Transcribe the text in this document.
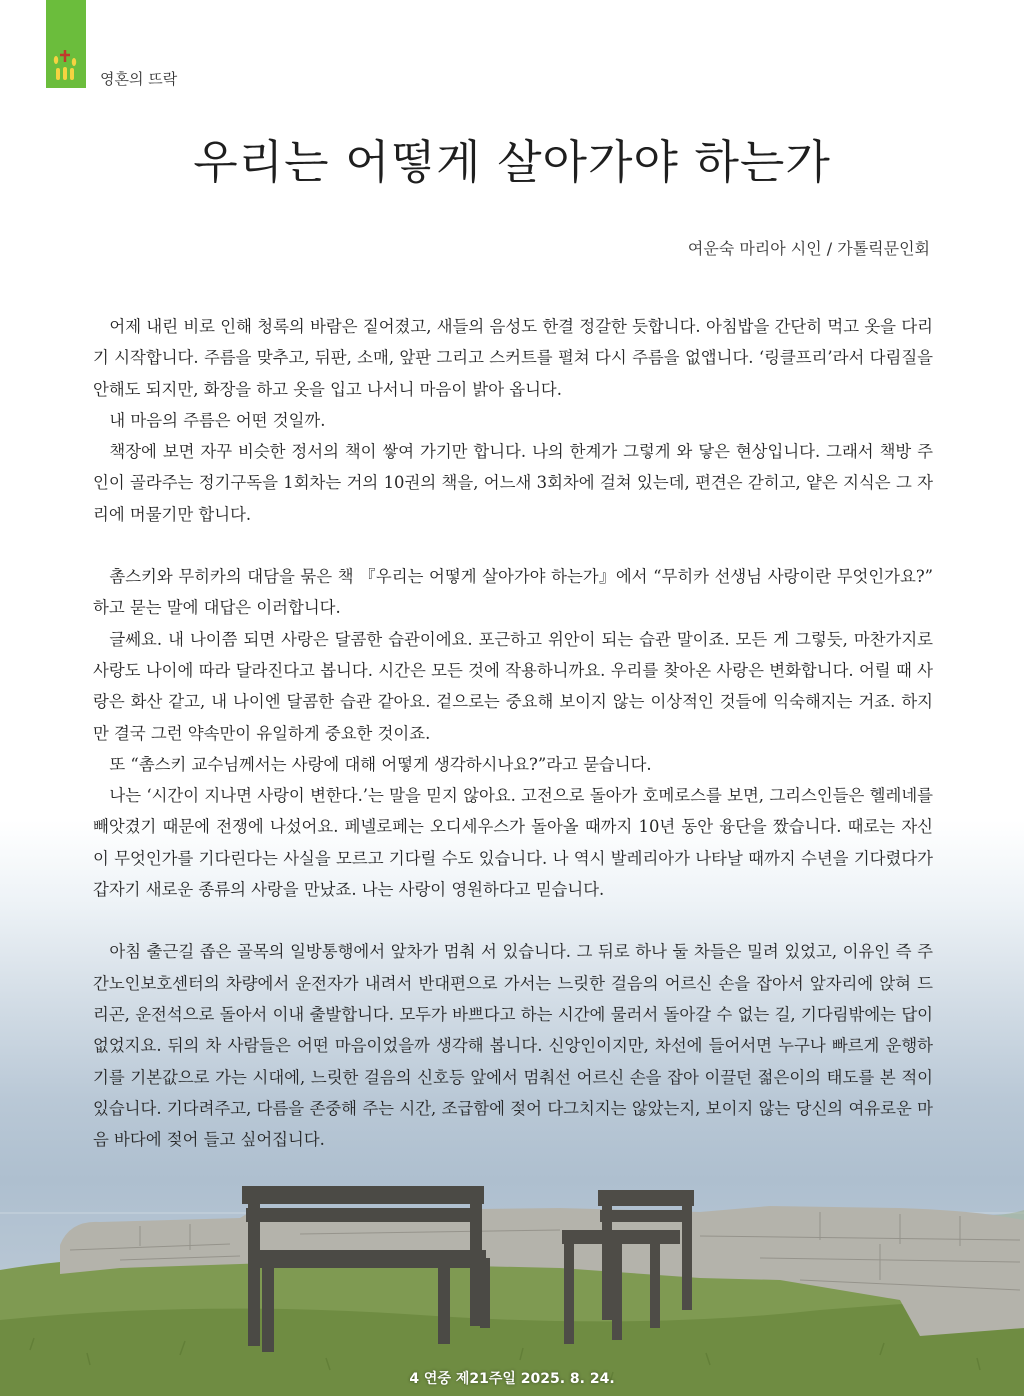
영혼의 뜨락
우리는 어떻게 살아가야 하는가
여운숙 마리아 시인 / 가톨릭문인회

어제 내린 비로 인해 청록의 바람은 짙어졌고, 새들의 음성도 한결 정갈한 듯합니다. 아침밥을 간단히 먹고 옷을 다리기 시작합니다. 주름을 맞추고, 뒤판, 소매, 앞판 그리고 스커트를 펼쳐 다시 주름을 없앱니다. ‘링클프리’라서 다림질을 안해도 되지만, 화장을 하고 옷을 입고 나서니 마음이 밝아 옵니다.

내 마음의 주름은 어떤 것일까.

책장에 보면 자꾸 비슷한 정서의 책이 쌓여 가기만 합니다. 나의 한계가 그렇게 와 닿은 현상입니다. 그래서 책방 주인이 골라주는 정기구독을 1회차는 거의 10권의 책을, 어느새 3회차에 걸쳐 있는데, 편견은 갇히고, 얕은 지식은 그 자리에 머물기만 합니다.

촘스키와 무히카의 대담을 묶은 책 『우리는 어떻게 살아가야 하는가』에서 “무히카 선생님 사랑이란 무엇인가요?” 하고 묻는 말에 대답은 이러합니다.

글쎄요. 내 나이쯤 되면 사랑은 달콤한 습관이에요. 포근하고 위안이 되는 습관 말이죠. 모든 게 그렇듯, 마찬가지로 사랑도 나이에 따라 달라진다고 봅니다. 시간은 모든 것에 작용하니까요. 우리를 찾아온 사랑은 변화합니다. 어릴 때 사랑은 화산 같고, 내 나이엔 달콤한 습관 같아요. 겉으로는 중요해 보이지 않는 이상적인 것들에 익숙해지는 거죠. 하지만 결국 그런 약속만이 유일하게 중요한 것이죠.

또 “촘스키 교수님께서는 사랑에 대해 어떻게 생각하시나요?”라고 묻습니다.

나는 ‘시간이 지나면 사랑이 변한다.’는 말을 믿지 않아요. 고전으로 돌아가 호메로스를 보면, 그리스인들은 헬레네를 빼앗겼기 때문에 전쟁에 나섰어요. 페넬로페는 오디세우스가 돌아올 때까지 10년 동안 융단을 짰습니다. 때로는 자신이 무엇인가를 기다린다는 사실을 모르고 기다릴 수도 있습니다. 나 역시 발레리아가 나타날 때까지 수년을 기다렸다가 갑자기 새로운 종류의 사랑을 만났죠. 나는 사랑이 영원하다고 믿습니다.

아침 출근길 좁은 골목의 일방통행에서 앞차가 멈춰 서 있습니다. 그 뒤로 하나 둘 차들은 밀려 있었고, 이유인 즉 주간노인보호센터의 차량에서 운전자가 내려서 반대편으로 가서는 느릿한 걸음의 어르신 손을 잡아서 앞자리에 앉혀 드리곤, 운전석으로 돌아서 이내 출발합니다. 모두가 바쁘다고 하는 시간에 물러서 돌아갈 수 없는 길, 기다림밖에는 답이 없었지요. 뒤의 차 사람들은 어떤 마음이었을까 생각해 봅니다. 신앙인이지만, 차선에 들어서면 누구나 빠르게 운행하기를 기본값으로 가는 시대에, 느릿한 걸음의 신호등 앞에서 멈춰선 어르신 손을 잡아 이끌던 젊은이의 태도를 본 적이 있습니다. 기다려주고, 다름을 존중해 주는 시간, 조급함에 젖어 다그치지는 않았는지, 보이지 않는 당신의 여유로운 마음 바다에 젖어 들고 싶어집니다.

4 연중 제21주일 2025. 8. 24.
